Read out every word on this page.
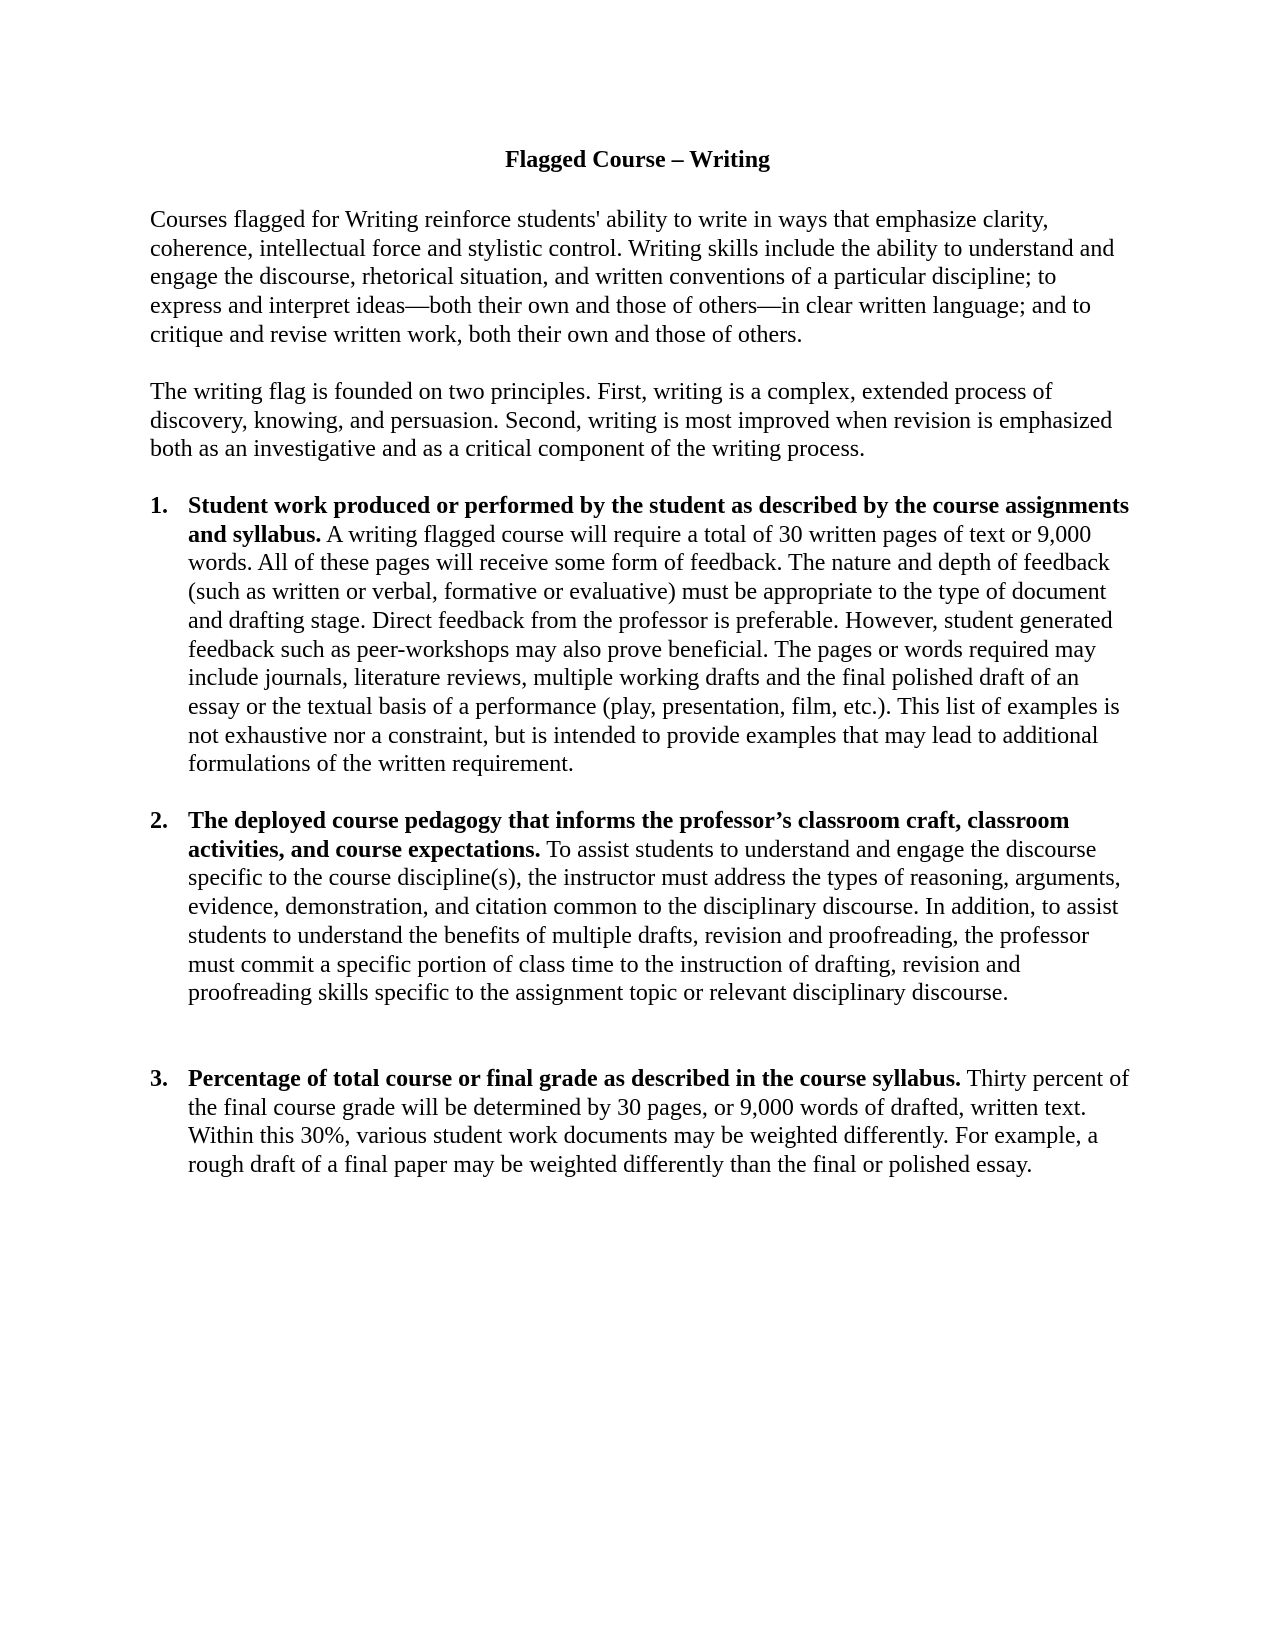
Flagged Course – Writing

Courses flagged for Writing reinforce students' ability to write in ways that emphasize clarity, coherence, intellectual force and stylistic control. Writing skills include the ability to understand and engage the discourse, rhetorical situation, and written conventions of a particular discipline; to express and interpret ideas—both their own and those of others—in clear written language; and to critique and revise written work, both their own and those of others.

The writing flag is founded on two principles. First, writing is a complex, extended process of discovery, knowing, and persuasion. Second, writing is most improved when revision is emphasized both as an investigative and as a critical component of the writing process.

1. Student work produced or performed by the student as described by the course assignments and syllabus. A writing flagged course will require a total of 30 written pages of text or 9,000 words. All of these pages will receive some form of feedback. The nature and depth of feedback (such as written or verbal, formative or evaluative) must be appropriate to the type of document and drafting stage. Direct feedback from the professor is preferable. However, student generated feedback such as peer-workshops may also prove beneficial. The pages or words required may include journals, literature reviews, multiple working drafts and the final polished draft of an essay or the textual basis of a performance (play, presentation, film, etc.). This list of examples is not exhaustive nor a constraint, but is intended to provide examples that may lead to additional formulations of the written requirement.
2. The deployed course pedagogy that informs the professor’s classroom craft, classroom activities, and course expectations. To assist students to understand and engage the discourse specific to the course discipline(s), the instructor must address the types of reasoning, arguments, evidence, demonstration, and citation common to the disciplinary discourse. In addition, to assist students to understand the benefits of multiple drafts, revision and proofreading, the professor must commit a specific portion of class time to the instruction of drafting, revision and proofreading skills specific to the assignment topic or relevant disciplinary discourse.
3. Percentage of total course or final grade as described in the course syllabus. Thirty percent of the final course grade will be determined by 30 pages, or 9,000 words of drafted, written text. Within this 30%, various student work documents may be weighted differently. For example, a rough draft of a final paper may be weighted differently than the final or polished essay.
